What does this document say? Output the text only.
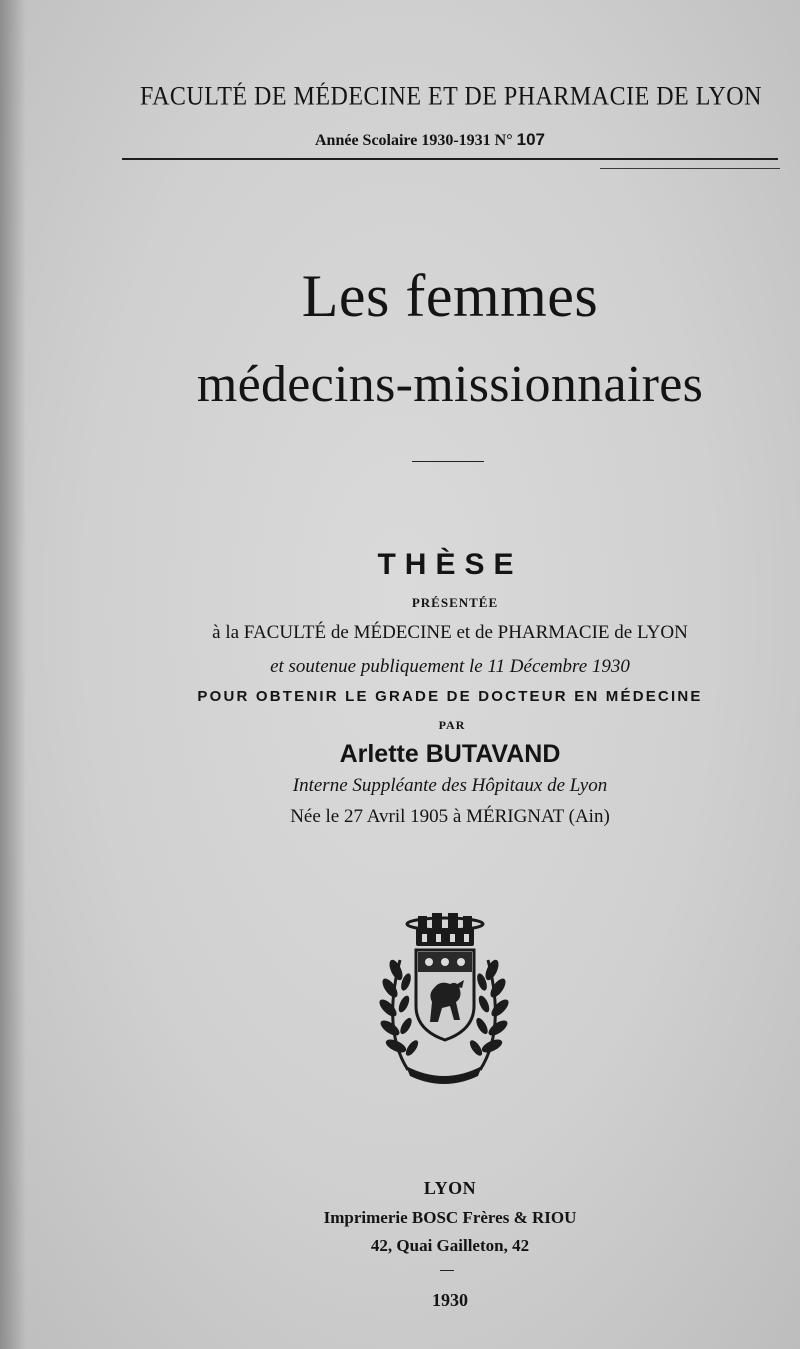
FACULTÉ DE MÉDECINE ET DE PHARMACIE DE LYON
Année Scolaire 1930-1931 N° 107
Les femmes
médecins-missionnaires
THÈSE
PRÉSENTÉE
à la FACULTÉ de MÉDECINE et de PHARMACIE de LYON
et soutenue publiquement le 11 Décembre 1930
POUR OBTENIR LE GRADE DE DOCTEUR EN MÉDECINE
PAR
Arlette BUTAVAND
Interne Suppléante des Hôpitaux de Lyon
Née le 27 Avril 1905 à MÉRIGNAT (Ain)
LYON
Imprimerie BOSC Frères & RIOU
42, Quai Gailleton, 42
1930
